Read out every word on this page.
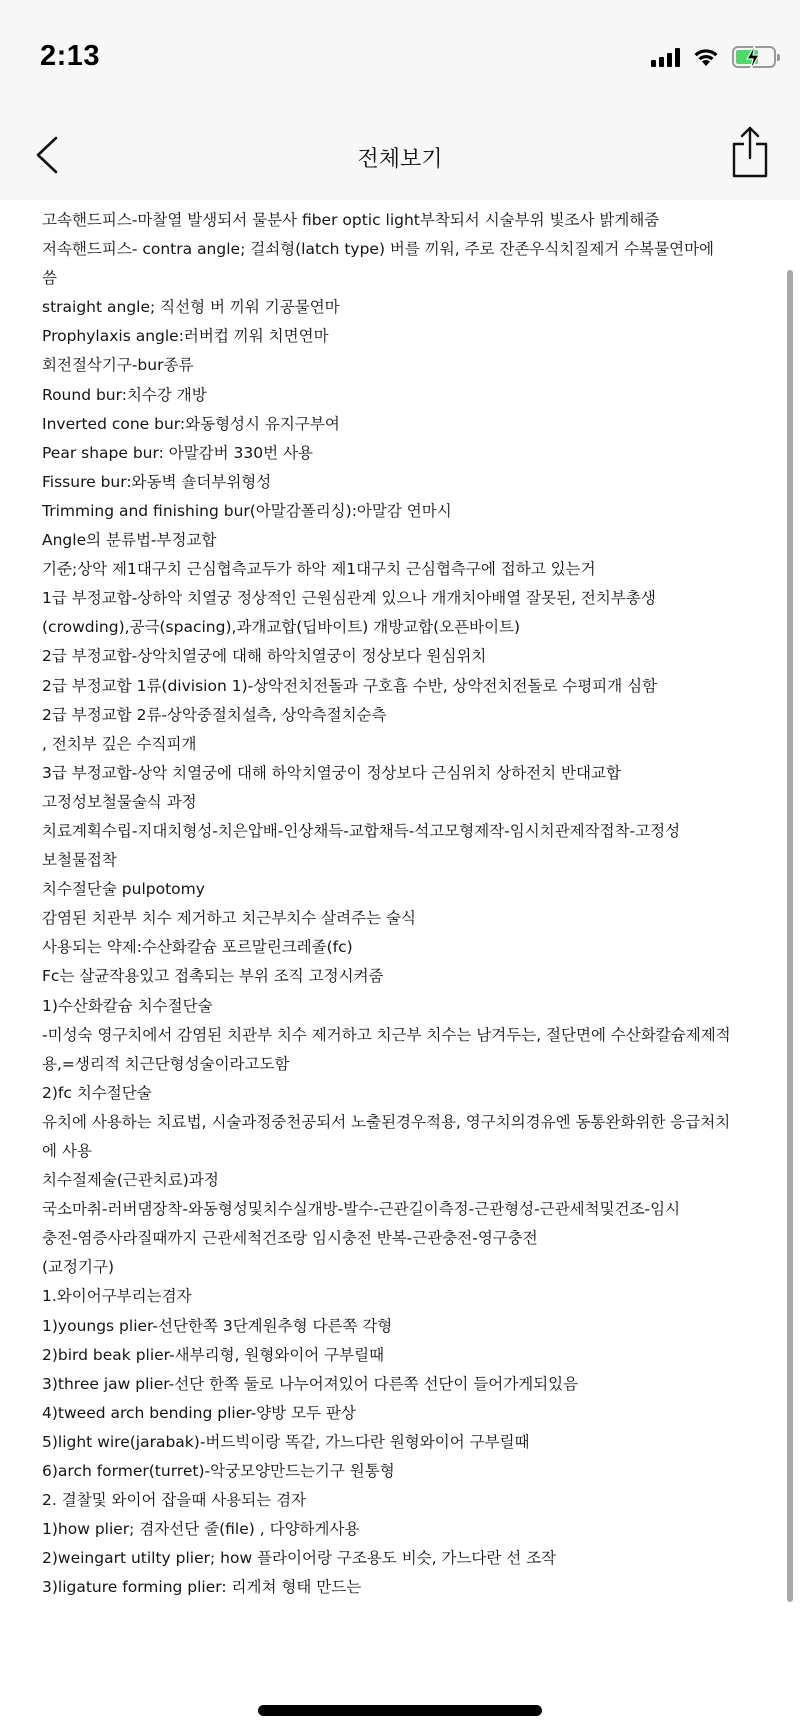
2:13
전체보기
고속핸드피스-마찰열 발생되서 물분사 fiber optic light부착되서 시술부위 빛조사 밝게해줌
저속핸드피스- contra angle; 걸쇠형(latch type) 버를 끼워, 주로 잔존우식치질제거 수복물연마에
씀
straight angle; 직선형 버 끼워 기공물연마
Prophylaxis angle:러버컵 끼워 치면연마
회전절삭기구-bur종류
Round bur:치수강 개방
Inverted cone bur:와동형성시 유지구부여
Pear shape bur: 아말감버 330번 사용
Fissure bur:와동벽 숄더부위형성
Trimming and finishing bur(아말감폴리싱):아말감 연마시
Angle의 분류법-부정교합
기준;상악 제1대구치 근심협측교두가 하악 제1대구치 근심협측구에 접하고 있는거
1급 부정교합-상하악 치열궁 정상적인 근원심관계 있으나 개개치아배열 잘못된, 전치부총생
(crowding),공극(spacing),과개교합(딥바이트) 개방교합(오픈바이트)
2급 부정교합-상악치열궁에 대해 하악치열궁이 정상보다 원심위치
2급 부정교합 1류(division 1)-상악전치전돌과 구호흡 수반, 상악전치전돌로 수평피개 심함
2급 부정교합 2류-상악중절치설측, 상악측절치순측
, 전치부 깊은 수직피개
3급 부정교합-상악 치열궁에 대해 하악치열궁이 정상보다 근심위치 상하전치 반대교합
고정성보철물술식 과정
치료계획수립-지대치형성-치은압배-인상채득-교합채득-석고모형제작-임시치관제작접착-고정성
보철물접착
치수절단술 pulpotomy
감염된 치관부 치수 제거하고 치근부치수 살려주는 술식
사용되는 약제:수산화칼슘 포르말린크레졸(fc)
Fc는 살균작용있고 접촉되는 부위 조직 고정시켜줌
1)수산화칼슘 치수절단술
-미성숙 영구치에서 감염된 치관부 치수 제거하고 치근부 치수는 남겨두는, 절단면에 수산화칼슘제제적
용,=생리적 치근단형성술이라고도함
2)fc 치수절단술
유치에 사용하는 치료법, 시술과정중천공되서 노출된경우적용, 영구치의경유엔 동통완화위한 응급처치
에 사용
치수절제술(근관치료)과정
국소마취-러버댐장착-와동형성및치수실개방-발수-근관길이측정-근관형성-근관세척및건조-임시
충전-염증사라질때까지 근관세척건조랑 임시충전 반복-근관충전-영구충전
(교정기구)
1.와이어구부리는겸자
1)youngs plier-선단한쪽 3단계원추형 다른쪽 각형
2)bird beak plier-새부리형, 원형와이어 구부릴때
3)three jaw plier-선단 한쪽 둘로 나누어져있어 다른쪽 선단이 들어가게되있음
4)tweed arch bending plier-양방 모두 판상
5)light wire(jarabak)-버드빅이랑 똑같, 가느다란 원형와이어 구부릴때
6)arch former(turret)-악궁모양만드는기구 원통형
2. 결찰및 와이어 잡을때 사용되는 겸자
1)how plier; 겸자선단 줄(file) , 다양하게사용
2)weingart utilty plier; how 플라이어랑 구조용도 비슷, 가느다란 선 조작
3)ligature forming plier: 리게쳐 형태 만드는
